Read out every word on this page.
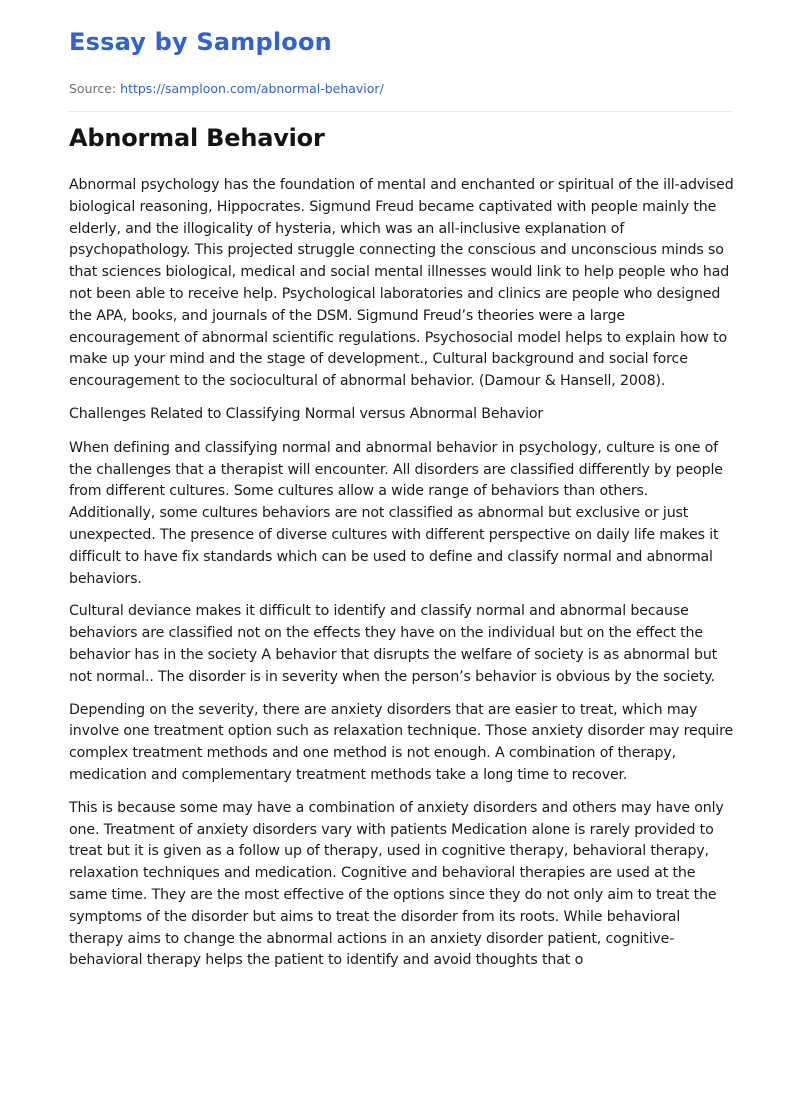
Essay by Samploon
Source: https://samploon.com/abnormal-behavior/
Abnormal Behavior

Abnormal psychology has the foundation of mental and enchanted or spiritual of the ill-advised biological reasoning, Hippocrates. Sigmund Freud became captivated with people mainly the elderly, and the illogicality of hysteria, which was an all-inclusive explanation of psychopathology. This projected struggle connecting the conscious and unconscious minds so that sciences biological, medical and social mental illnesses would link to help people who had not been able to receive help. Psychological laboratories and clinics are people who designed the APA, books, and journals of the DSM. Sigmund Freud’s theories were a large encouragement of abnormal scientific regulations. Psychosocial model helps to explain how to make up your mind and the stage of development., Cultural background and social force encouragement to the sociocultural of abnormal behavior. (Damour & Hansell, 2008).

Challenges Related to Classifying Normal versus Abnormal Behavior

When defining and classifying normal and abnormal behavior in psychology, culture is one of the challenges that a therapist will encounter. All disorders are classified differently by people from different cultures. Some cultures allow a wide range of behaviors than others. Additionally, some cultures behaviors are not classified as abnormal but exclusive or just unexpected. The presence of diverse cultures with different perspective on daily life makes it difficult to have fix standards which can be used to define and classify normal and abnormal behaviors.

Cultural deviance makes it difficult to identify and classify normal and abnormal because behaviors are classified not on the effects they have on the individual but on the effect the behavior has in the society A behavior that disrupts the welfare of society is as abnormal but not normal.. The disorder is in severity when the person’s behavior is obvious by the society.

Depending on the severity, there are anxiety disorders that are easier to treat, which may involve one treatment option such as relaxation technique. Those anxiety disorder may require complex treatment methods and one method is not enough. A combination of therapy, medication and complementary treatment methods take a long time to recover.

This is because some may have a combination of anxiety disorders and others may have only one. Treatment of anxiety disorders vary with patients Medication alone is rarely provided to treat but it is given as a follow up of therapy, used in cognitive therapy, behavioral therapy, relaxation techniques and medication. Cognitive and behavioral therapies are used at the same time. They are the most effective of the options since they do not only aim to treat the symptoms of the disorder but aims to treat the disorder from its roots. While behavioral therapy aims to change the abnormal actions in an anxiety disorder patient, cognitive-behavioral therapy helps the patient to identify and avoid thoughts that o
